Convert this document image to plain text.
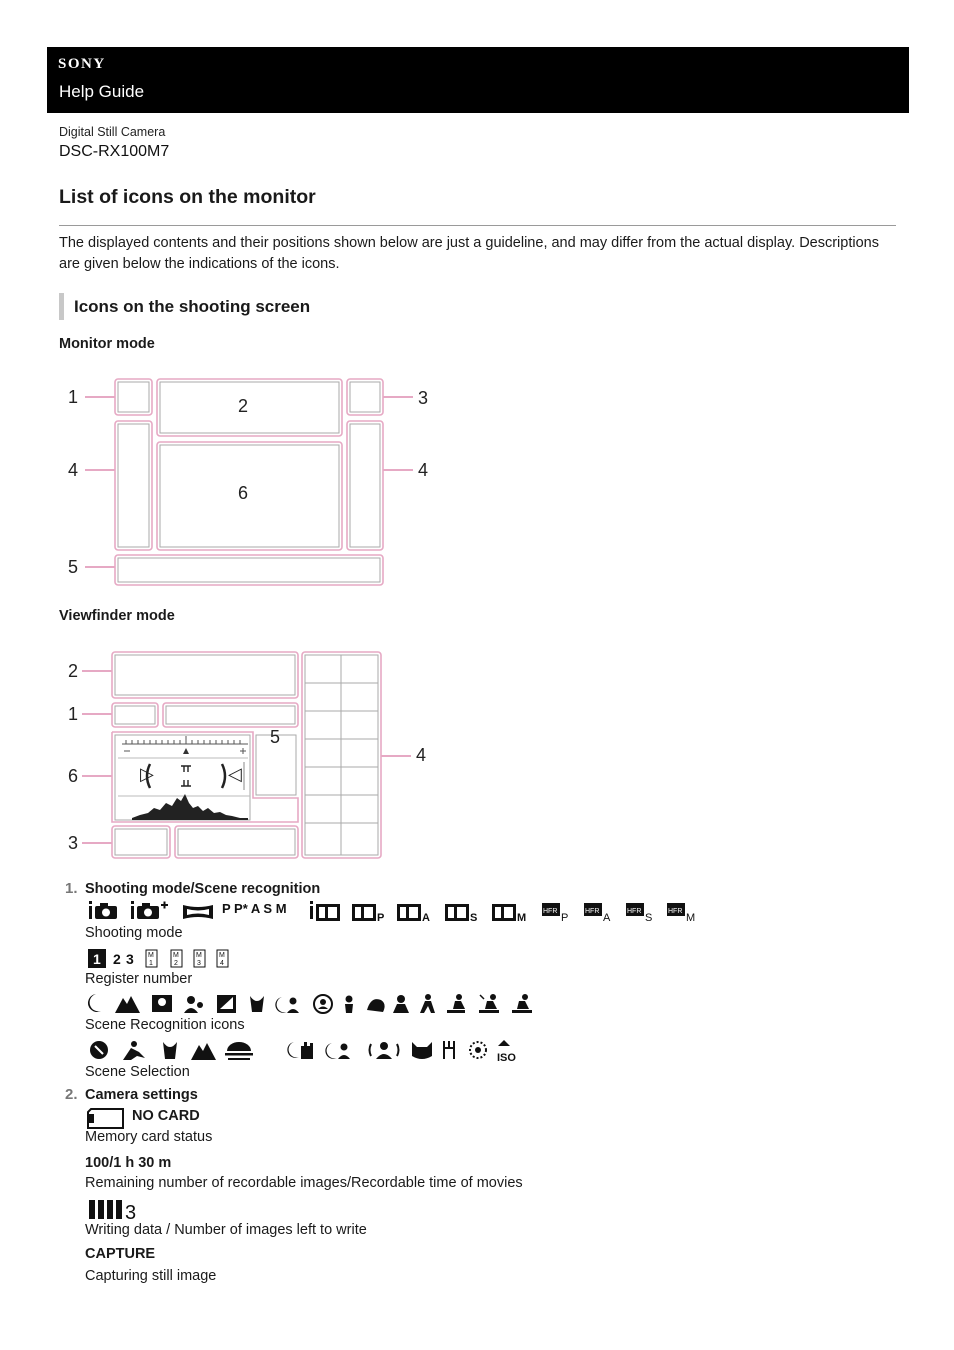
SONY
Help Guide
Digital Still Camera
DSC-RX100M7
List of icons on the monitor

The displayed contents and their positions shown below are just a guideline, and may differ from the actual display. Descriptions are given below the indications of the icons.

Icons on the shooting screen

Monitor mode

1	2	3
4	4
5
6

Viewfinder mode

▷	◁
2
1
6
3
4
5
1. Shooting mode/Scene recognition
P P* A S M
P	A	S	M
HFR
P
HFR
A
HFR
S
HFR
M
Shooting mode
1 2 3 M
1
M
2
M
3
M
4
Register number
Scene Recognition icons
ISO
Scene Selection
2. Camera settings
NO CARD
Memory card status
100/1 h 30 m
Remaining number of recordable images/Recordable time of movies
3
Writing data / Number of images left to write
CAPTURE
Capturing still image
